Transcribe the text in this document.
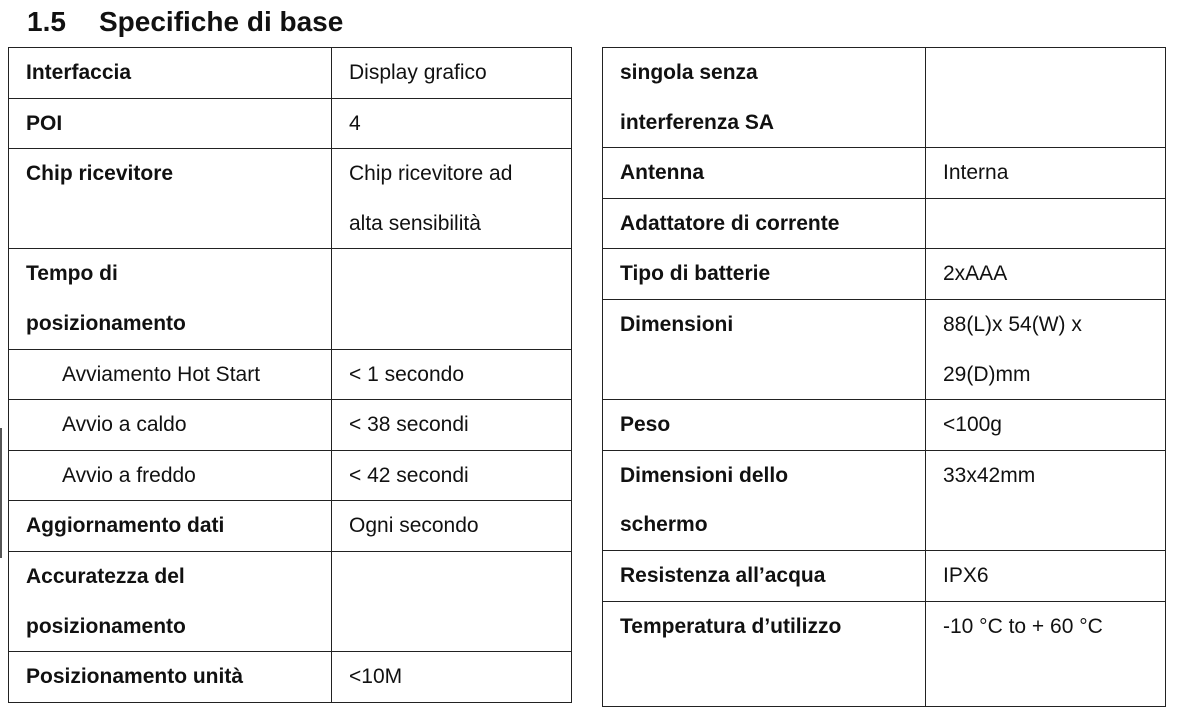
1.5 Specifiche di base
Interfaccia	Display grafico
POI	4
Chip ricevitore	Chip ricevitore ad
alta sensibilità
Tempo di
posizionamento	
Avviamento Hot Start	< 1 secondo
Avvio a caldo	< 38 secondi
Avvio a freddo	< 42 secondi
Aggiornamento dati	Ogni secondo
Accuratezza del
posizionamento	
Posizionamento unità	<10M
singola senza
interferenza SA	
Antenna	Interna
Adattatore di corrente	
Tipo di batterie	2xAAA
Dimensioni	88(L)x 54(W) x
29(D)mm
Peso	<100g
Dimensioni dello
schermo	33x42mm
Resistenza all’acqua	IPX6
Temperatura d’utilizzo	-10 °C to + 60 °C
